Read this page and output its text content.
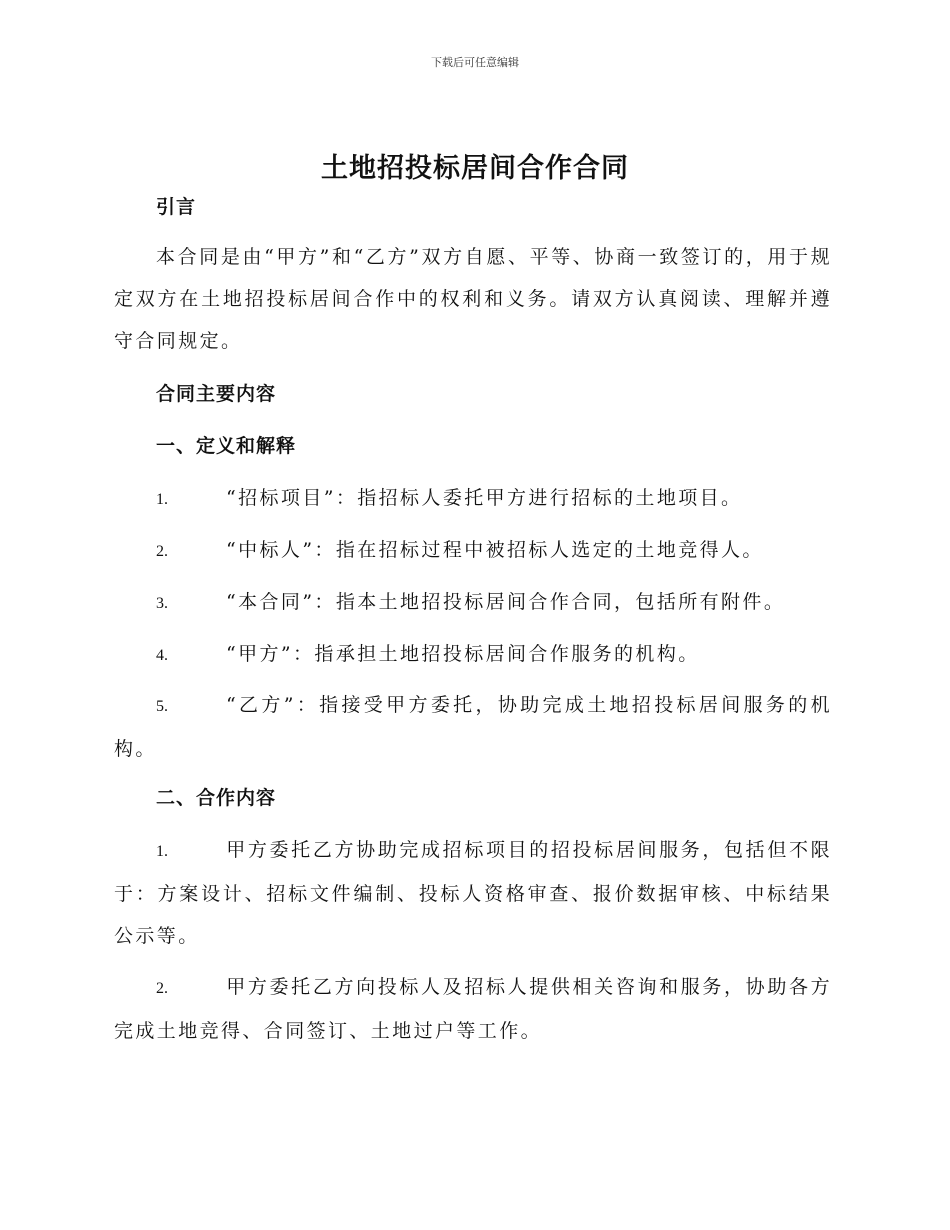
下载后可任意编辑
土地招投标居间合作合同

引言

本合同是由“甲方”和“乙方”双方自愿、平等、协商一致签订的，用于规定双方在土地招投标居间合作中的权利和义务。请双方认真阅读、理解并遵守合同规定。

合同主要内容

一、定义和解释

1.	“招标项目”：指招标人委托甲方进行招标的土地项目。

2.	“中标人”：指在招标过程中被招标人选定的土地竞得人。

3.	“本合同”：指本土地招投标居间合作合同，包括所有附件。

4.	“甲方”：指承担土地招投标居间合作服务的机构。

5.	“乙方”：指接受甲方委托，协助完成土地招投标居间服务的机构。

二、合作内容

1.	甲方委托乙方协助完成招标项目的招投标居间服务，包括但不限于：方案设计、招标文件编制、投标人资格审查、报价数据审核、中标结果公示等。

2.	甲方委托乙方向投标人及招标人提供相关咨询和服务，协助各方完成土地竞得、合同签订、土地过户等工作。
